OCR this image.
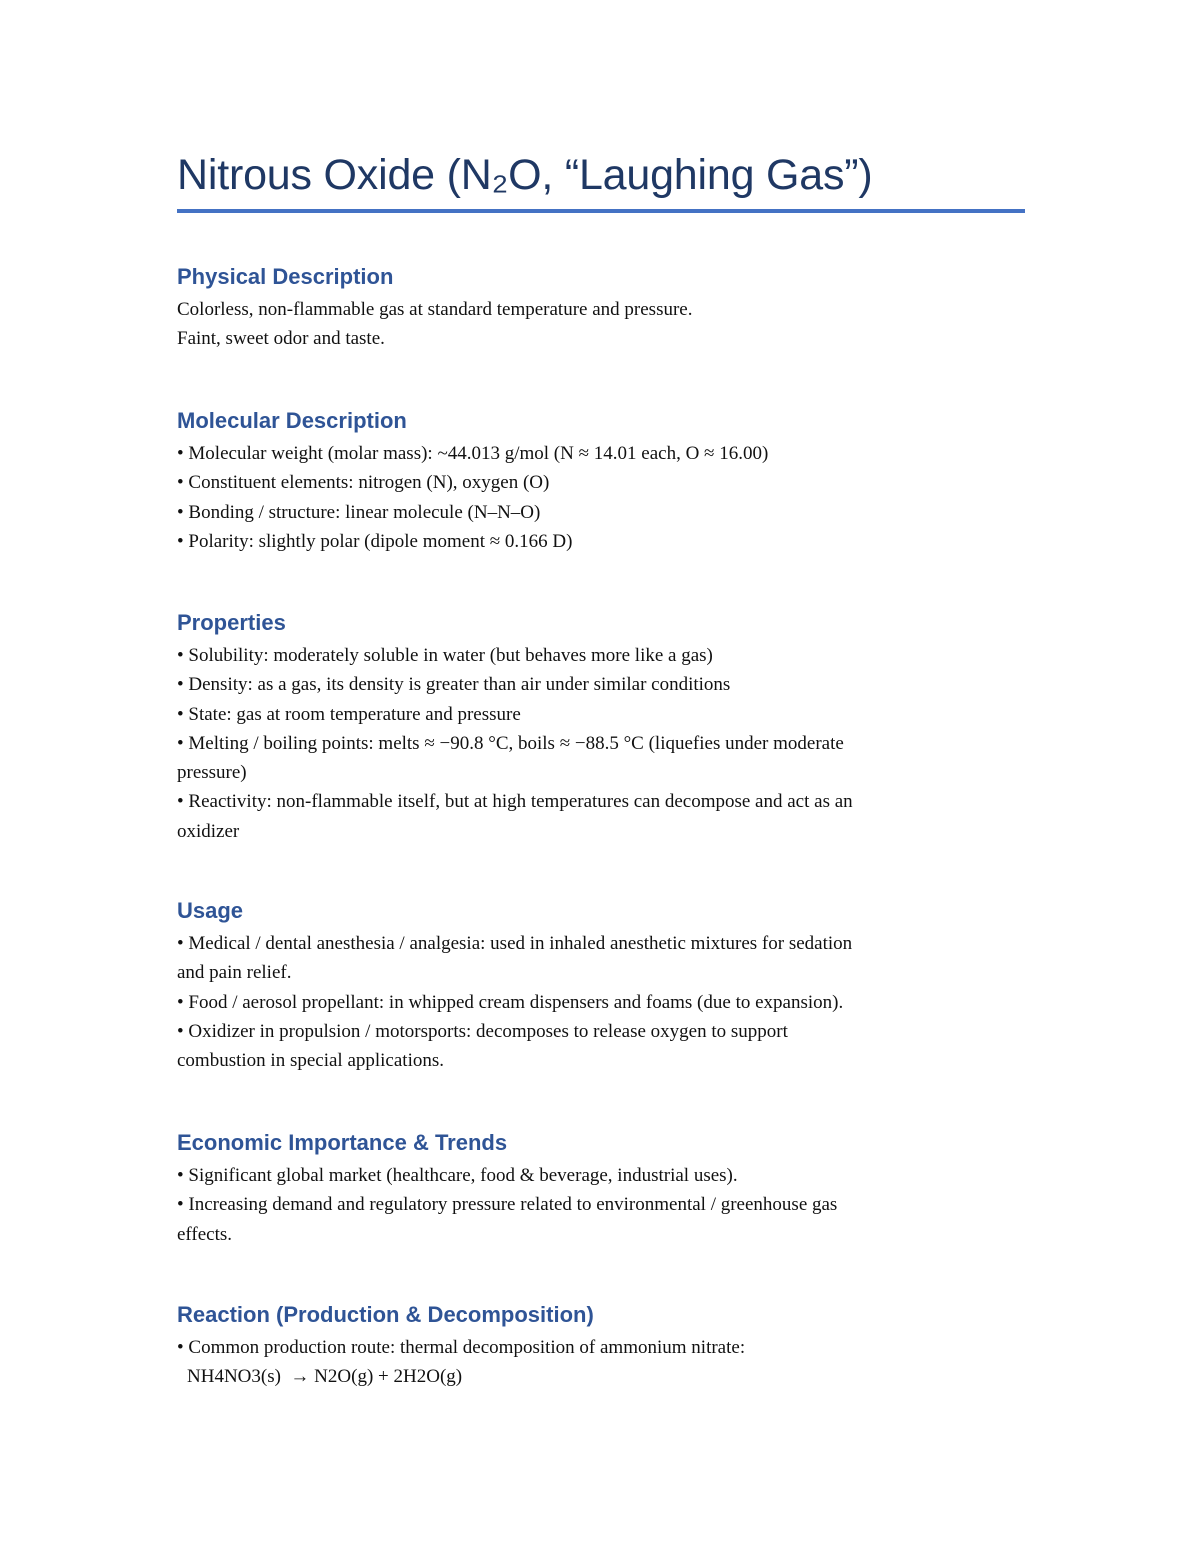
Nitrous Oxide (N₂O, “Laughing Gas”)
Physical Description
Colorless, non-flammable gas at standard temperature and pressure.
Faint, sweet odor and taste.
Molecular Description
• Molecular weight (molar mass): ~44.013 g/mol (N ≈ 14.01 each, O ≈ 16.00)
• Constituent elements: nitrogen (N), oxygen (O)
• Bonding / structure: linear molecule (N–N–O)
• Polarity: slightly polar (dipole moment ≈ 0.166 D)
Properties
• Solubility: moderately soluble in water (but behaves more like a gas)
• Density: as a gas, its density is greater than air under similar conditions
• State: gas at room temperature and pressure
• Melting / boiling points: melts ≈ −90.8 °C, boils ≈ −88.5 °C (liquefies under moderate
pressure)
• Reactivity: non-flammable itself, but at high temperatures can decompose and act as an
oxidizer
Usage
• Medical / dental anesthesia / analgesia: used in inhaled anesthetic mixtures for sedation
and pain relief.
• Food / aerosol propellant: in whipped cream dispensers and foams (due to expansion).
• Oxidizer in propulsion / motorsports: decomposes to release oxygen to support
combustion in special applications.
Economic Importance & Trends
• Significant global market (healthcare, food & beverage, industrial uses).
• Increasing demand and regulatory pressure related to environmental / greenhouse gas
effects.
Reaction (Production & Decomposition)
• Common production route: thermal decomposition of ammonium nitrate:
NH4NO3(s)  → N2O(g) + 2H2O(g)
